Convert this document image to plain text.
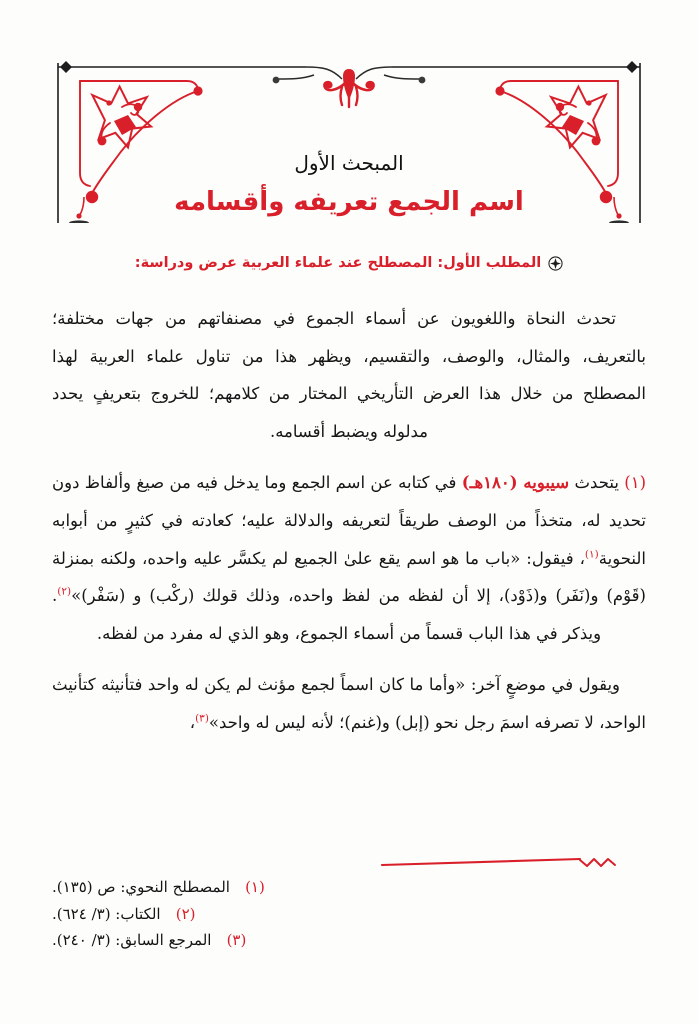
المبحث الأول
اسم الجمع تعريفه وأقسامه
المطلب الأول: المصطلح عند علماء العربية عرض ودراسة:

تحدث النحاة واللغويون عن أسماء الجموع في مصنفاتهم من جهات مختلفة؛ بالتعريف، والمثال، والوصف، والتقسيم، ويظهر هذا من تناول علماء العربية لهذا المصطلح من خلال هذا العرض التأريخي المختار من كلامهم؛ للخروج بتعريفٍ يحدد مدلوله ويضبط أقسامه.

(١) يتحدث سيبويه (١٨٠هـ) في كتابه عن اسم الجمع وما يدخل فيه من صيغ وألفاظ دون تحديد له، متخذاً من الوصف طريقاً لتعريفه والدلالة عليه؛ كعادته في كثيرٍ من أبوابه النحوية$^{(١)}$، فيقول: «باب ما هو اسم يقع علىٰ الجميع لم يكسَّر عليه واحده، ولكنه بمنزلة (قَوْم) و(نَفَر) و(ذَوْد)، إلا أن لفظه من لفظ واحده، وذلك قولك (ركْب) و (سَفْر)»$^{(٢)}$. ويذكر في هذا الباب قسماً من أسماء الجموع، وهو الذي له مفرد من لفظه.

ويقول في موضعٍ آخر: «وأما ما كان اسماً لجمع مؤنث لم يكن له واحد فتأنيثه كتأنيث الواحد، لا تصرفه اسمَ رجل نحو (إبل) و(غنم)؛ لأنه ليس له واحد»$^{(٣)}$،

(١)
المصطلح النحوي: ص (١٣٥).
(٢)
الكتاب: (٣/ ٦٢٤).
(٣)
المرجع السابق: (٣/ ٢٤٠).
